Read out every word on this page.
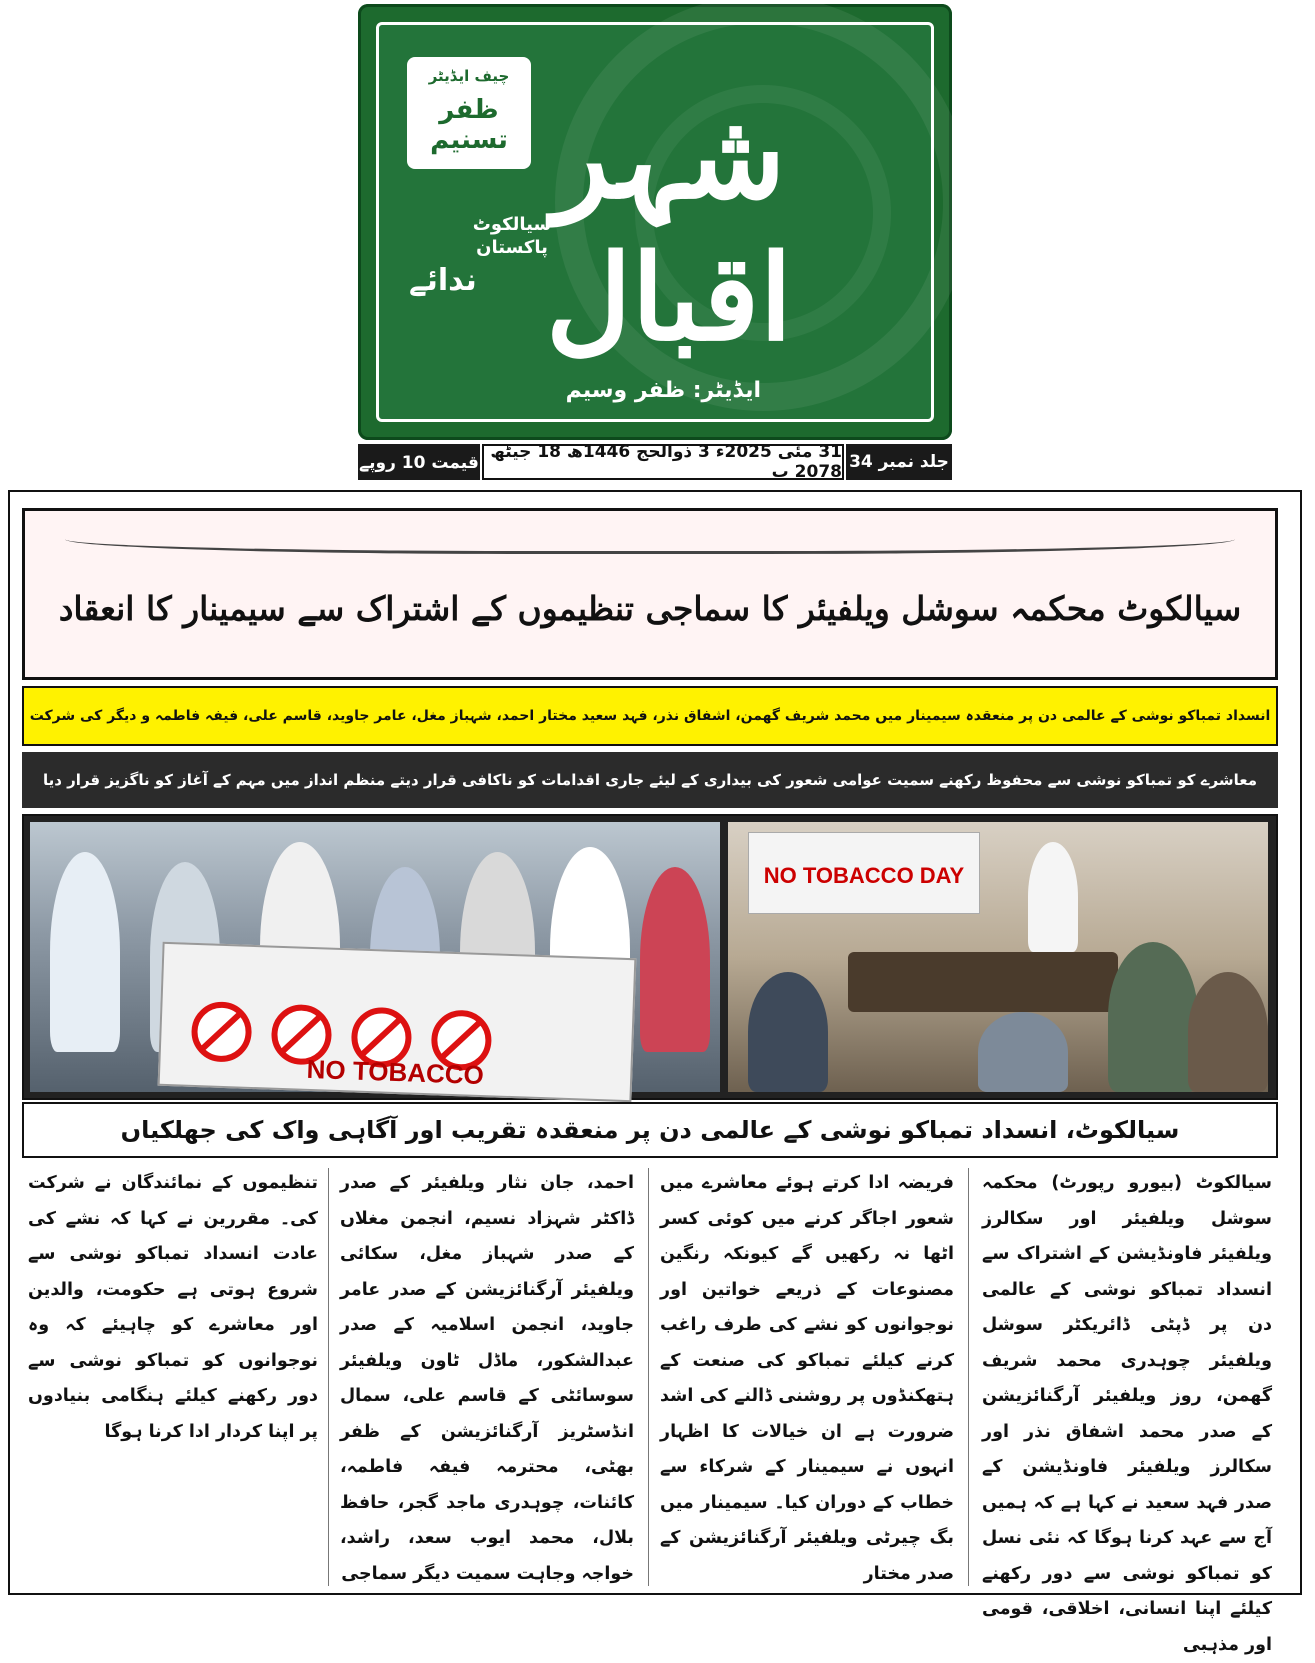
چیف ایڈیٹر
ظفر تسنیم شہر اقبال
سیالکوٹ پاکستان
ندائے
ایڈیٹر: ظفر وسیم
قیمت 10 روپے
31 مئی 2025ء 3 ذوالحج 1446ھ 18 جیٹھ 2078 ب جلد نمبر 34
سیالکوٹ محکمہ سوشل ویلفیئر کا سماجی تنظیموں کے اشتراک سے سیمینار کا انعقاد
انسداد تمباکو نوشی کے عالمی دن پر منعقدہ سیمینار میں محمد شریف گھمن، اشفاق نذر، فہد سعید مختار احمد، شہباز مغل، عامر جاوید، قاسم علی، فیفہ فاطمہ و دیگر کی شرکت
معاشرے کو تمباکو نوشی سے محفوظ رکھنے سمیت عوامی شعور کی بیداری کے لیئے جاری اقدامات کو ناکافی قرار دیتے منظم انداز میں مہم کے آغاز کو ناگزیز قرار دیا
NO TOBACCO
NO TOBACCO DAY
سیالکوٹ، انسداد تمباکو نوشی کے عالمی دن پر منعقدہ تقریب اور آگاہی واک کی جھلکیاں
سیالکوٹ (بیورو رپورٹ) محکمہ سوشل ویلفیئر اور سکالرز ویلفیئر فاونڈیشن کے اشتراک سے انسداد تمباکو نوشی کے عالمی دن پر ڈپٹی ڈائریکٹر سوشل ویلفیئر چوہدری محمد شریف گھمن، روز ویلفیئر آرگنائزیشن کے صدر محمد اشفاق نذر اور سکالرز ویلفیئر فاونڈیشن کے صدر فہد سعید نے کہا ہے کہ ہمیں آج سے عہد کرنا ہوگا کہ نئی نسل کو تمباکو نوشی سے دور رکھنے کیلئے اپنا انسانی، اخلاقی، قومی اور مذہبی
فریضہ ادا کرتے ہوئے معاشرے میں شعور اجاگر کرنے میں کوئی کسر اٹھا نہ رکھیں گے کیونکہ رنگین مصنوعات کے ذریعے خواتین اور نوجوانوں کو نشے کی طرف راغب کرنے کیلئے تمباکو کی صنعت کے ہتھکنڈوں پر روشنی ڈالنے کی اشد ضرورت ہے ان خیالات کا اظہار انہوں نے سیمینار کے شرکاء سے خطاب کے دوران کیا۔ سیمینار میں بگ چیرٹی ویلفیئر آرگنائزیشن کے صدر مختار
احمد، جان نثار ویلفیئر کے صدر ڈاکٹر شہزاد نسیم، انجمن مغلاں کے صدر شہباز مغل، سکائی ویلفیئر آرگنائزیشن کے صدر عامر جاوید، انجمن اسلامیہ کے صدر عبدالشکور، ماڈل ٹاون ویلفیئر سوسائٹی کے قاسم علی، سمال انڈسٹریز آرگنائزیشن کے ظفر بھٹی، محترمہ فیفہ فاطمہ، کائنات، چوہدری ماجد گجر، حافظ بلال، محمد ایوب سعد، راشد، خواجہ وجاہت سمیت دیگر سماجی
تنظیموں کے نمائندگان نے شرکت کی۔ مقررین نے کہا کہ نشے کی عادت انسداد تمباکو نوشی سے شروع ہوتی ہے حکومت، والدین اور معاشرے کو چاہیئے کہ وہ نوجوانوں کو تمباکو نوشی سے دور رکھنے کیلئے ہنگامی بنیادوں پر اپنا کردار ادا کرنا ہوگا
